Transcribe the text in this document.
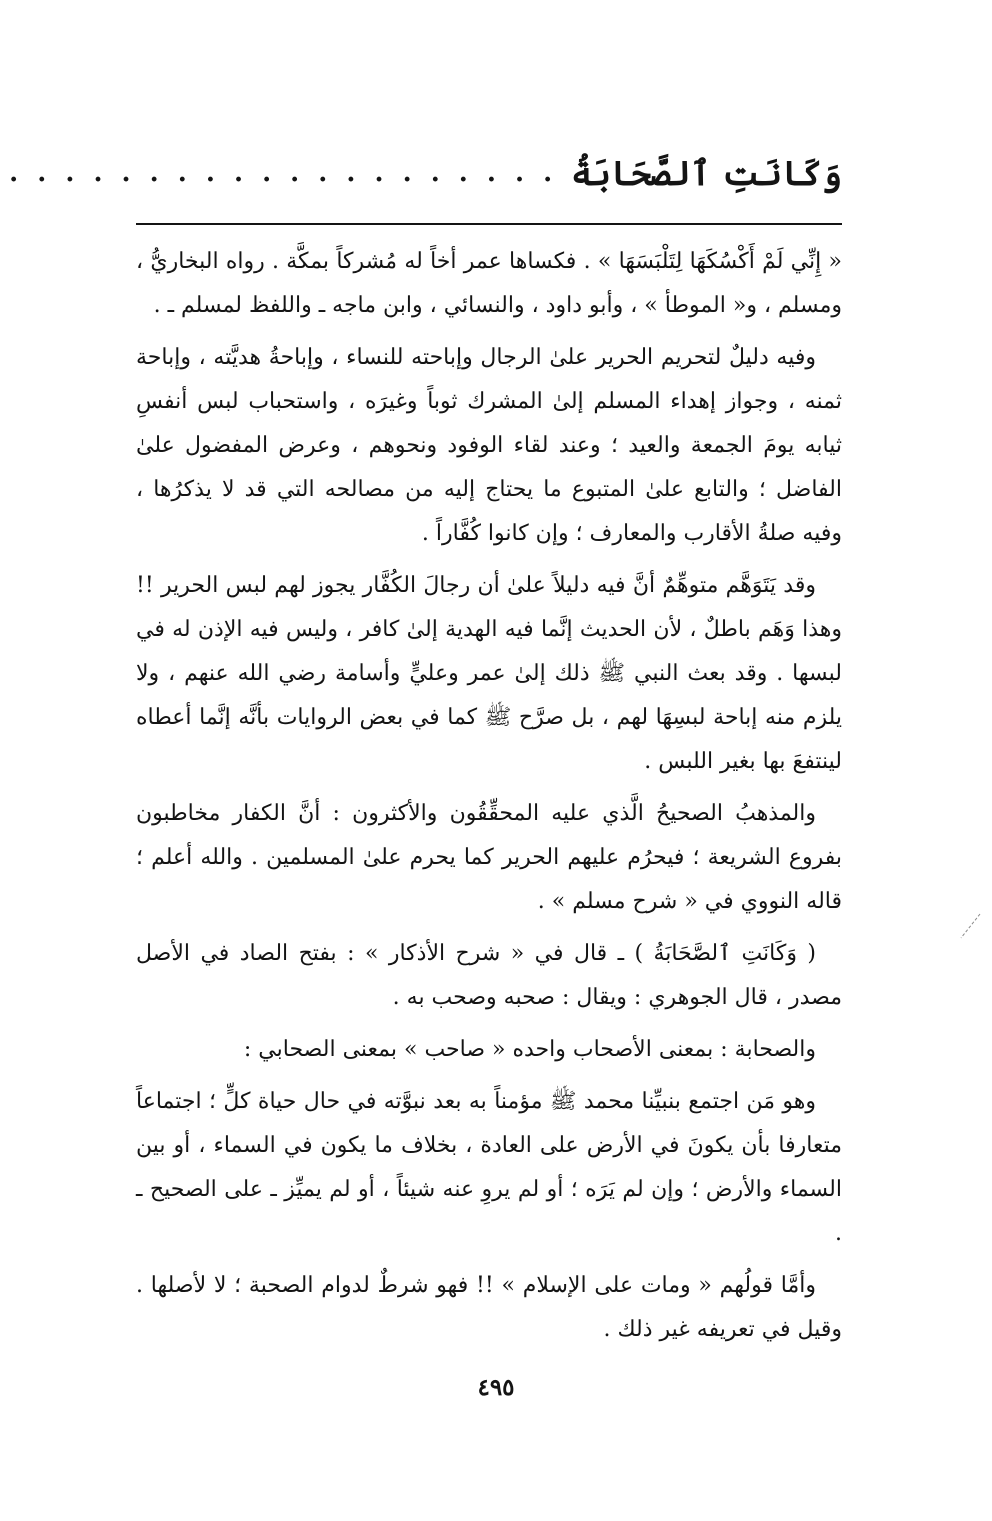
وَكَانَتِ ٱلصَّحَابَةُ
. . . . . . . . . . . . . . . . . . . .

« إِنِّي لَمْ أَكْسُكَهَا لِتَلْبَسَهَا » . فكساها عمر أخاً له مُشركاً بمكَّة . رواه البخاريُّ ، ومسلم ، و« الموطأ » ، وأبو داود ، والنسائي ، وابن ماجه ـ واللفظ لمسلم ـ .

وفيه دليلٌ لتحريم الحرير علىٰ الرجال وإباحته للنساء ، وإباحةُ هديَّته ، وإباحة ثمنه ، وجواز إهداء المسلم إلىٰ المشرك ثوباً وغيرَه ، واستحباب لبس أنفسِ ثيابه يومَ الجمعة والعيد ؛ وعند لقاء الوفود ونحوهم ، وعرض المفضول علىٰ الفاضل ؛ والتابع علىٰ المتبوع ما يحتاج إليه من مصالحه التي قد لا يذكرُها ، وفيه صلةُ الأقارب والمعارف ؛ وإن كانوا كُفَّاراً .

وقد يَتَوَهَّم متوهِّمٌ أنَّ فيه دليلاً علىٰ أن رجالَ الكُفَّار يجوز لهم لبس الحرير !! وهذا وَهَم باطلٌ ، لأن الحديث إنَّما فيه الهدية إلىٰ كافر ، وليس فيه الإذن له في لبسها . وقد بعث النبي ﷺ ذلك إلىٰ عمر وعليٍّ وأسامة رضي الله عنهم ، ولا يلزم منه إباحة لبسِهَا لهم ، بل صرَّح ﷺ كما في بعض الروايات بأنَّه إنَّما أعطاه لينتفعَ بها بغير اللبس .

والمذهبُ الصحيحُ الَّذي عليه المحقِّقُون والأكثرون : أنَّ الكفار مخاطبون بفروع الشريعة ؛ فيحرُم عليهم الحرير كما يحرم علىٰ المسلمين . والله أعلم ؛ قاله النووي في « شرح مسلم » .

( وَكَانَتِ ٱلصَّحَابَةُ ) ـ قال في « شرح الأذكار » : بفتح الصاد في الأصل مصدر ، قال الجوهري : ويقال : صحبه وصحب به .

والصحابة : بمعنى الأصحاب واحده « صاحب » بمعنى الصحابي :

وهو مَن اجتمع بنبيِّنا محمد ﷺ مؤمناً به بعد نبوَّته في حال حياة كلٍّ ؛ اجتماعاً متعارفا بأن يكونَ في الأرض على العادة ، بخلاف ما يكون في السماء ، أو بين السماء والأرض ؛ وإن لم يَرَه ؛ أو لم يروِ عنه شيئاً ، أو لم يميِّز ـ على الصحيح ـ .

وأمَّا قولُهم « ومات على الإسلام » !! فهو شرطٌ لدوام الصحبة ؛ لا لأصلها . وقيل في تعريفه غير ذلك .

٤٩٥
